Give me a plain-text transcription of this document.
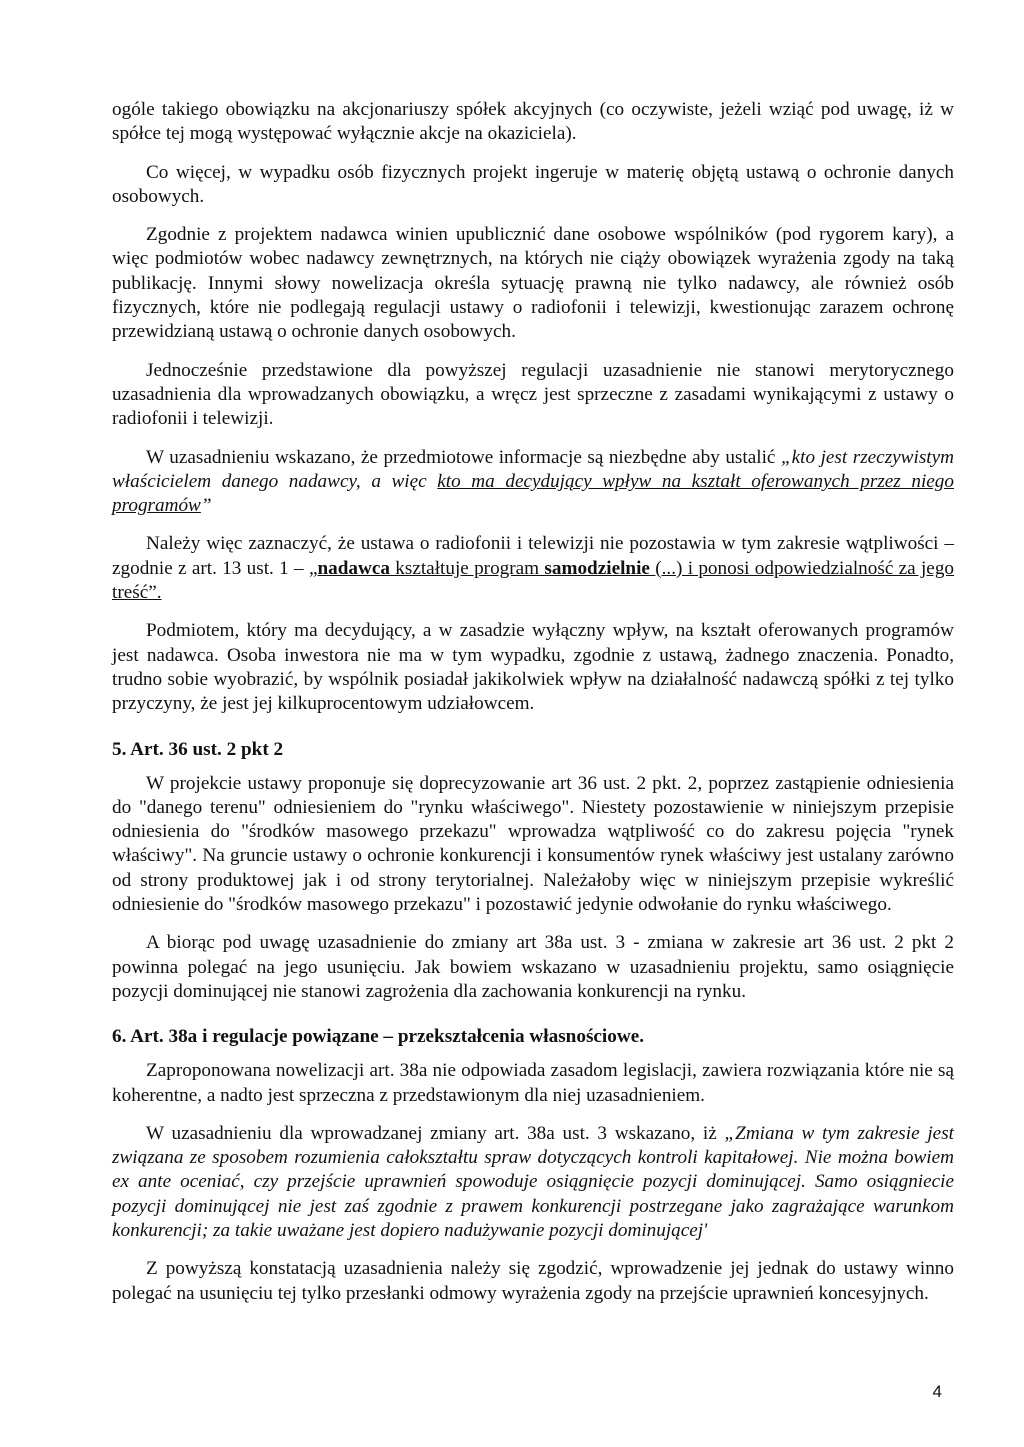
ogóle takiego obowiązku na akcjonariuszy spółek akcyjnych (co oczywiste, jeżeli wziąć pod uwagę, iż w spółce tej mogą występować wyłącznie akcje na okaziciela).

Co więcej, w wypadku osób fizycznych projekt ingeruje w materię objętą ustawą o ochronie danych osobowych.

Zgodnie z projektem nadawca winien upublicznić dane osobowe wspólników (pod rygorem kary), a więc podmiotów wobec nadawcy zewnętrznych, na których nie ciąży obowiązek wyrażenia zgody na taką publikację. Innymi słowy nowelizacja określa sytuację prawną nie tylko nadawcy, ale również osób fizycznych, które nie podlegają regulacji ustawy o radiofonii i telewizji, kwestionując zarazem ochronę przewidzianą ustawą o ochronie danych osobowych.

Jednocześnie przedstawione dla powyższej regulacji uzasadnienie nie stanowi merytorycznego uzasadnienia dla wprowadzanych obowiązku, a wręcz jest sprzeczne z zasadami wynikającymi z ustawy o radiofonii i telewizji.

W uzasadnieniu wskazano, że przedmiotowe informacje są niezbędne aby ustalić „kto jest rzeczywistym właścicielem danego nadawcy, a więc kto ma decydujący wpływ na kształt oferowanych przez niego programów”

Należy więc zaznaczyć, że ustawa o radiofonii i telewizji nie pozostawia w tym zakresie wątpliwości – zgodnie z art. 13 ust. 1 – „nadawca kształtuje program samodzielnie (...) i ponosi odpowiedzialność za jego treść”.

Podmiotem, który ma decydujący, a w zasadzie wyłączny wpływ, na kształt oferowanych programów jest nadawca. Osoba inwestora nie ma w tym wypadku, zgodnie z ustawą, żadnego znaczenia. Ponadto, trudno sobie wyobrazić, by wspólnik posiadał jakikolwiek wpływ na działalność nadawczą spółki z tej tylko przyczyny, że jest jej kilkuprocentowym udziałowcem.

5. Art. 36 ust. 2 pkt 2

W projekcie ustawy proponuje się doprecyzowanie art 36 ust. 2 pkt. 2, poprzez zastąpienie odniesienia do "danego terenu" odniesieniem do "rynku właściwego". Niestety pozostawienie w niniejszym przepisie odniesienia do "środków masowego przekazu" wprowadza wątpliwość co do zakresu pojęcia "rynek właściwy". Na gruncie ustawy o ochronie konkurencji i konsumentów rynek właściwy jest ustalany zarówno od strony produktowej jak i od strony terytorialnej. Należałoby więc w niniejszym przepisie wykreślić odniesienie do "środków masowego przekazu" i pozostawić jedynie odwołanie do rynku właściwego.

A biorąc pod uwagę uzasadnienie do zmiany art 38a ust. 3 - zmiana w zakresie art 36 ust. 2 pkt 2 powinna polegać na jego usunięciu. Jak bowiem wskazano w uzasadnieniu projektu, samo osiągnięcie pozycji dominującej nie stanowi zagrożenia dla zachowania konkurencji na rynku.

6. Art. 38a i regulacje powiązane – przekształcenia własnościowe.

Zaproponowana nowelizacji art. 38a nie odpowiada zasadom legislacji, zawiera rozwiązania które nie są koherentne, a nadto jest sprzeczna z przedstawionym dla niej uzasadnieniem.

W uzasadnieniu dla wprowadzanej zmiany art. 38a ust. 3 wskazano, iż „Zmiana w tym zakresie jest związana ze sposobem rozumienia całokształtu spraw dotyczących kontroli kapitałowej. Nie można bowiem ex ante oceniać, czy przejście uprawnień spowoduje osiągnięcie pozycji dominującej. Samo osiągniecie pozycji dominującej nie jest zaś zgodnie z prawem konkurencji postrzegane jako zagrażające warunkom konkurencji; za takie uważane jest dopiero nadużywanie pozycji dominującej'

Z powyższą konstatacją uzasadnienia należy się zgodzić, wprowadzenie jej jednak do ustawy winno polegać na usunięciu tej tylko przesłanki odmowy wyrażenia zgody na przejście uprawnień koncesyjnych.

4
